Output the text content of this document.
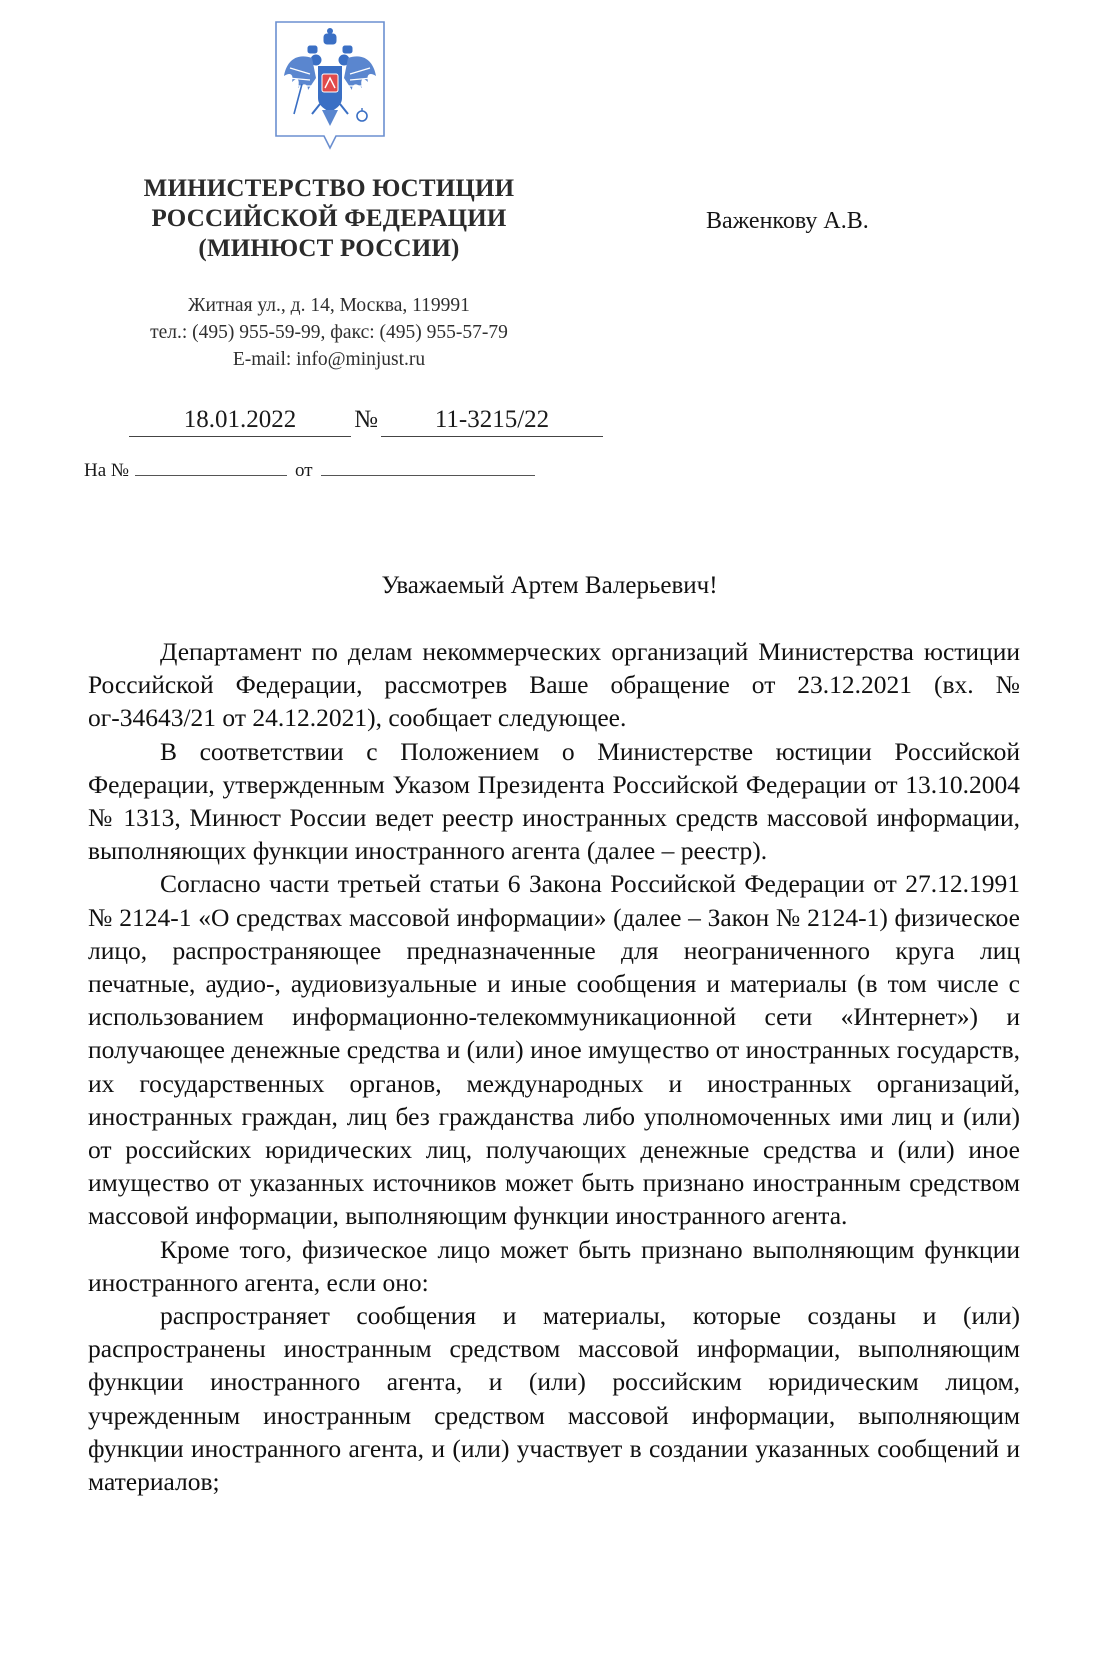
МИНИСТЕРСТВО ЮСТИЦИИ
РОССИЙСКОЙ ФЕДЕРАЦИИ
(МИНЮСТ РОССИИ)
Житная ул., д. 14, Москва, 119991
тел.: (495) 955-59-99, факс: (495) 955-57-79
E-mail: info@minjust.ru
Важенкову А.В.
18.01.2022 № 11-3215/22
На №	от
Уважаемый Артем Валерьевич!

Департамент по делам некоммерческих организаций Министерства юстиции Российской Федерации, рассмотрев Ваше обращение от 23.12.2021 (вх. № ог-34643/21 от 24.12.2021), сообщает следующее.

В соответствии с Положением о Министерстве юстиции Российской Федерации, утвержденным Указом Президента Российской Федерации от 13.10.2004 № 1313, Минюст России ведет реестр иностранных средств массовой информации, выполняющих функции иностранного агента (далее – реестр).

Согласно части третьей статьи 6 Закона Российской Федерации от 27.12.1991 № 2124-1 «О средствах массовой информации» (далее – Закон № 2124-1) физическое лицо, распространяющее предназначенные для неограниченного круга лиц печатные, аудио-, аудиовизуальные и иные сообщения и материалы (в том числе с использованием информационно-телекоммуникационной сети «Интернет») и получающее денежные средства и (или) иное имущество от иностранных государств, их государственных органов, международных и иностранных организаций, иностранных граждан, лиц без гражданства либо уполномоченных ими лиц и (или) от российских юридических лиц, получающих денежные средства и (или) иное имущество от указанных источников может быть признано иностранным средством массовой информации, выполняющим функции иностранного агента.

Кроме того, физическое лицо может быть признано выполняющим функции иностранного агента, если оно:

распространяет сообщения и материалы, которые созданы и (или) распространены иностранным средством массовой информации, выполняющим функции иностранного агента, и (или) российским юридическим лицом, учрежденным иностранным средством массовой информации, выполняющим функции иностранного агента, и (или) участвует в создании указанных сообщений и материалов;
